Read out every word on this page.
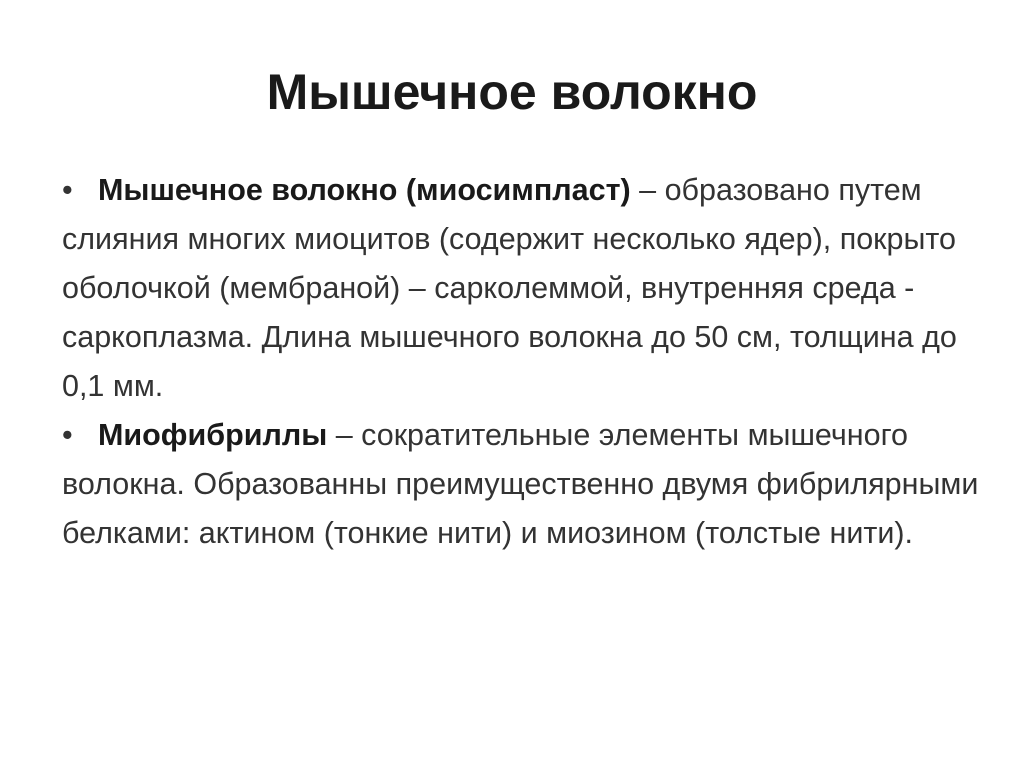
Мышечное волокно
• Мышечное волокно (миосимпласт) – образовано путем слияния многих миоцитов (содержит несколько ядер), покрыто оболочкой (мембраной) – сарколеммой, внутренняя среда - саркоплазма. Длина мышечного волокна до 50 см, толщина до 0,1 мм.
• Миофибриллы – сократительные элементы мышечного волокна. Образованны преимущественно двумя фибрилярными белками: актином (тонкие нити) и миозином (толстые нити).
